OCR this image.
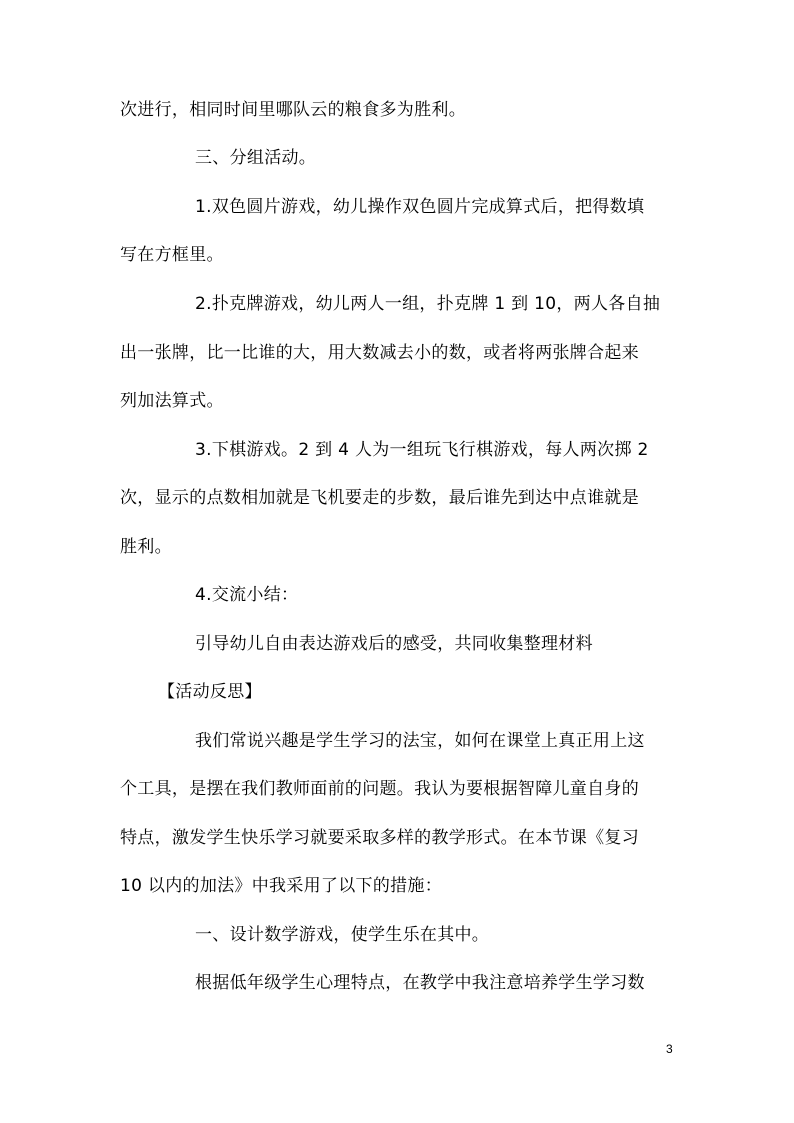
次进行，相同时间里哪队云的粮食多为胜利。
三、分组活动。
1.双色圆片游戏，幼儿操作双色圆片完成算式后，把得数填
写在方框里。
2.扑克牌游戏，幼儿两人一组，扑克牌 1 到 10，两人各自抽
出一张牌，比一比谁的大，用大数减去小的数，或者将两张牌合起来
列加法算式。
3.下棋游戏。2 到 4 人为一组玩飞行棋游戏，每人两次掷 2
次，显示的点数相加就是飞机要走的步数，最后谁先到达中点谁就是
胜利。
4.交流小结：
引导幼儿自由表达游戏后的感受，共同收集整理材料
【活动反思】
我们常说兴趣是学生学习的法宝，如何在课堂上真正用上这
个工具，是摆在我们教师面前的问题。我认为要根据智障儿童自身的
特点，激发学生快乐学习就要采取多样的教学形式。在本节课《复习
10 以内的加法》中我采用了以下的措施：
一、设计数学游戏，使学生乐在其中。
根据低年级学生心理特点，在教学中我注意培养学生学习数
3
